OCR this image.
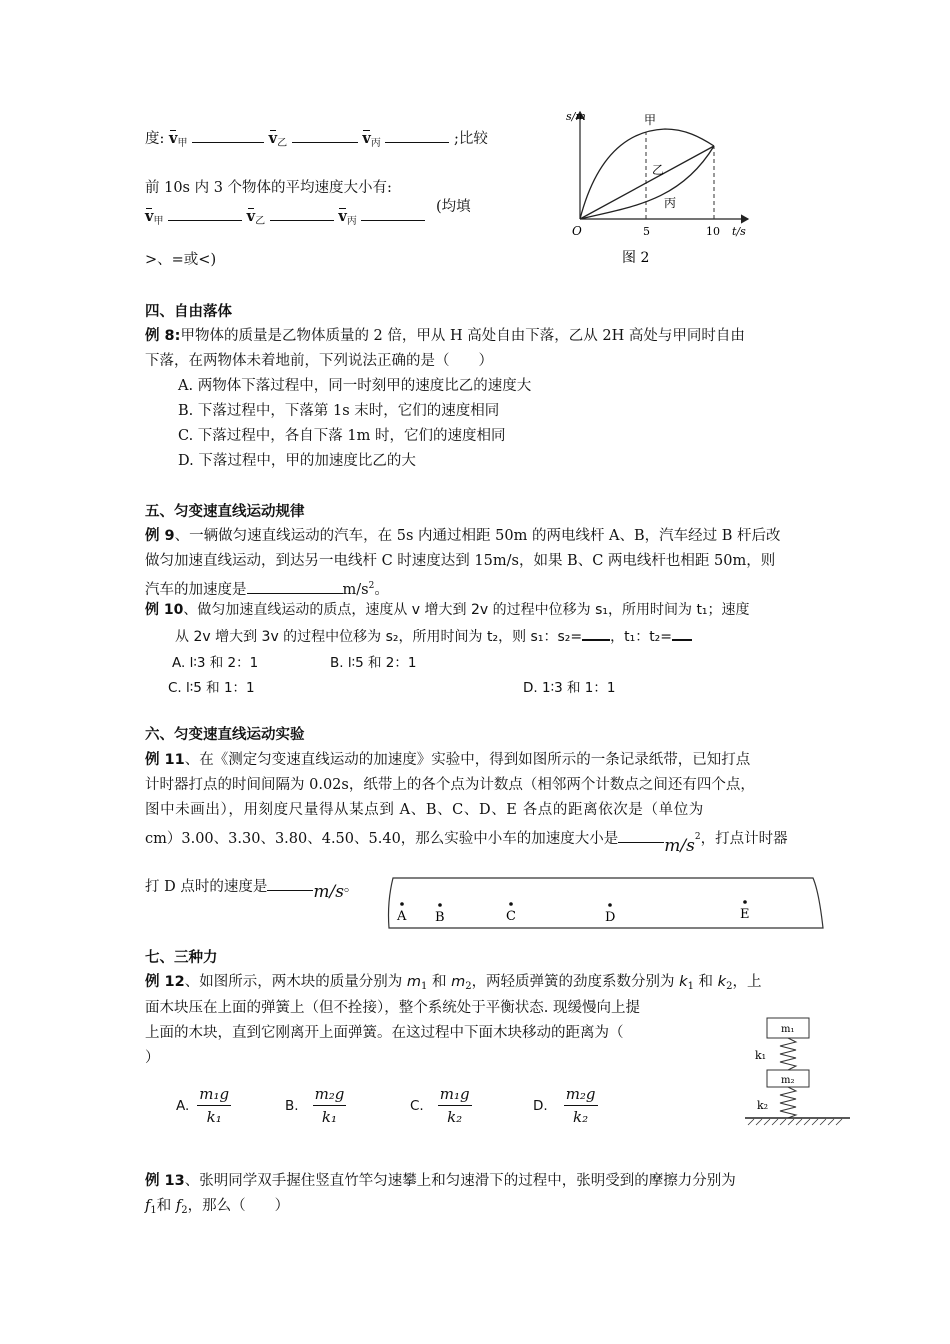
度: $v_甲$	$v_乙$	$v_丙$	;比较
前 10s 内 3 个物体的平均速度大小有:
$v_甲$	$v_乙$	$v_丙$  (均填
>、=或<)
s/m	甲
乙
丙
O	5	10 t/s
图 2
四、自由落体
例 8:甲物体的质量是乙物体质量的 2 倍，甲从 H 高处自由下落，乙从 2H 高处与甲同时自由
下落，在两物体未着地前，下列说法正确的是（　　）
A. 两物体下落过程中，同一时刻甲的速度比乙的速度大
B. 下落过程中，下落第 1s 末时，它们的速度相同
C. 下落过程中，各自下落 1m 时，它们的速度相同
D. 下落过程中，甲的加速度比乙的大
五、匀变速直线运动规律
例 9、一辆做匀速直线运动的汽车，在 5s 内通过相距 50m 的两电线杆 A、B，汽车经过 B 杆后改
做匀加速直线运动，到达另一电线杆 C 时速度达到 15m/s，如果 B、C 两电线杆也相距 50m，则
汽车的加速度是	$m/s^2$。
例 10、做匀加速直线运动的质点，速度从 v 增大到 2v 的过程中位移为 s₁，所用时间为 t₁；速度
从 2v 增大到 3v 的过程中位移为 s₂，所用时间为 t₂，则 s₁：s₂= ，t₁：t₂=
A. l∶3 和 2：1	B. l∶5 和 2：1
C. l∶5 和 1：1	D. 1∶3 和 1：1
六、匀变速直线运动实验
例 11、在《测定匀变速直线运动的加速度》实验中，得到如图所示的一条记录纸带，已知打点
计时器打点的时间间隔为 0.02s，纸带上的各个点为计数点（相邻两个计数点之间还有四个点，
图中未画出），用刻度尺量得从某点到 A、B、C、D、E 各点的距离依次是（单位为
cm）3.00、3.30、3.80、4.50、5.40，那么实验中小车的加速度大小是	$m/s^2$，打点计时器
打 D 点时的速度是	m/s。
A B	C	D	E
七、三种力
例 12、如图所示，两木块的质量分别为 $m_1$ 和 $m_2$，两轻质弹簧的劲度系数分别为 $k_1$ 和 $k_2$，上
面木块压在上面的弹簧上（但不拴接），整个系统处于平衡状态. 现缓慢向上提
上面的木块，直到它刚离开上面弹簧。在这过程中下面木块移动的距离为（
）
A. $\frac{\text{m₁g}}{\text{k₁}}$	B. $\frac{\text{m₂g}}{\text{k₁}}$	C. $\frac{\text{m₁g}}{\text{k₂}}$	D. $\frac{\text{m₂g}}{\text{k₂}}$
m₁
k₁
m₂
k₂
例 13、张明同学双手握住竖直竹竿匀速攀上和匀速滑下的过程中，张明受到的摩擦力分别为
$f_1$和 $f_2$，那么（　　）
